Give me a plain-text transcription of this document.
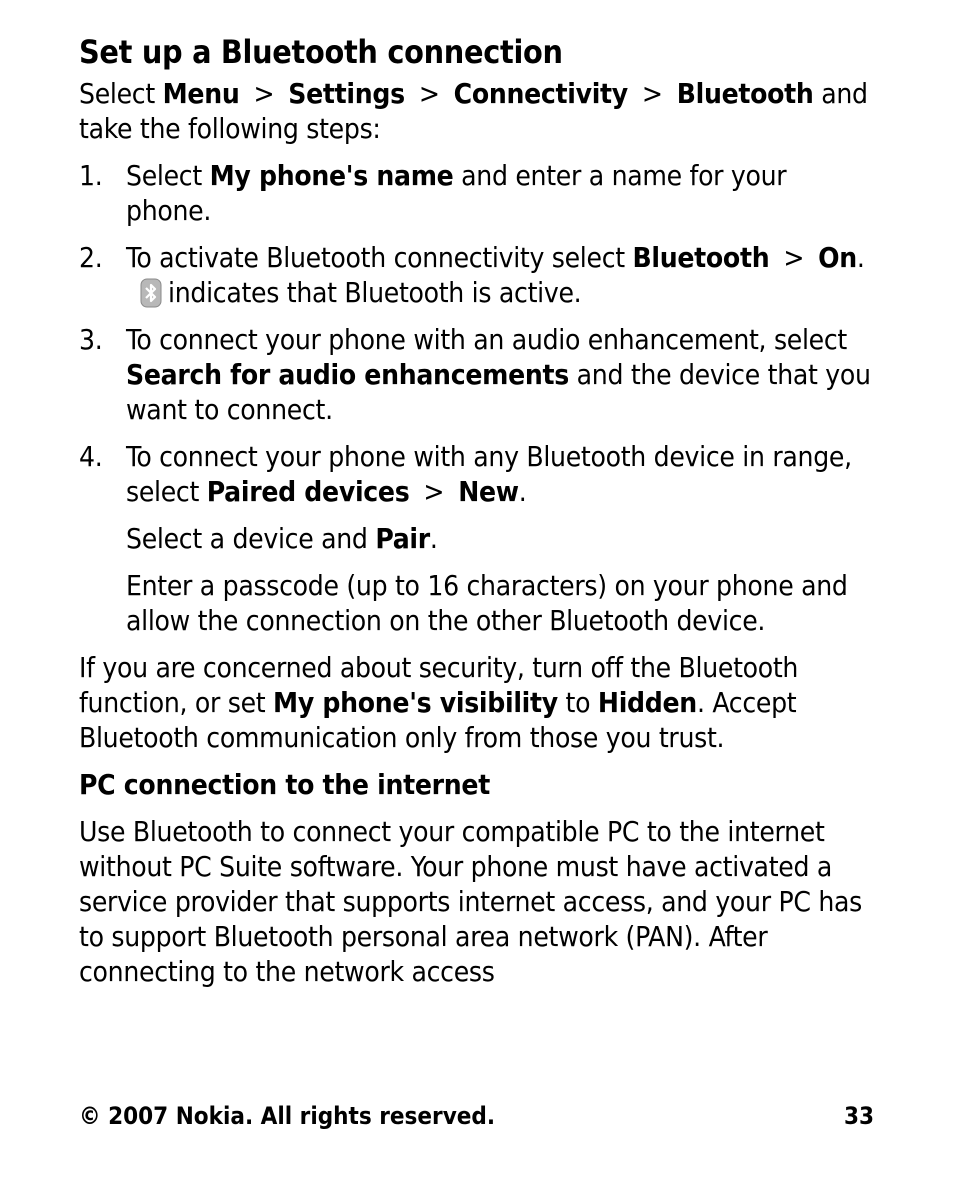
Set up a Bluetooth connection

Select Menu > Settings > Connectivity > Bluetooth and take the following steps:

1. Select My phone's name and enter a name for your phone.
2. To activate Bluetooth connectivity select Bluetooth > On.indicates that Bluetooth is active.
3. To connect your phone with an audio enhancement, select Search for audio enhancements and the device that you want to connect.
4. To connect your phone with any Bluetooth device in range, select Paired devices > New.
Select a device and Pair.
Enter a passcode (up to 16 characters) on your phone and allow the connection on the other Bluetooth device.

If you are concerned about security, turn off the Bluetooth function, or set My phone's visibility to Hidden. Accept Bluetooth communication only from those you trust.

PC connection to the internet

Use Bluetooth to connect your compatible PC to the internet without PC Suite software. Your phone must have activated a service provider that supports internet access, and your PC has to support Bluetooth personal area network (PAN). After connecting to the network access

© 2007 Nokia. All rights reserved.	33
